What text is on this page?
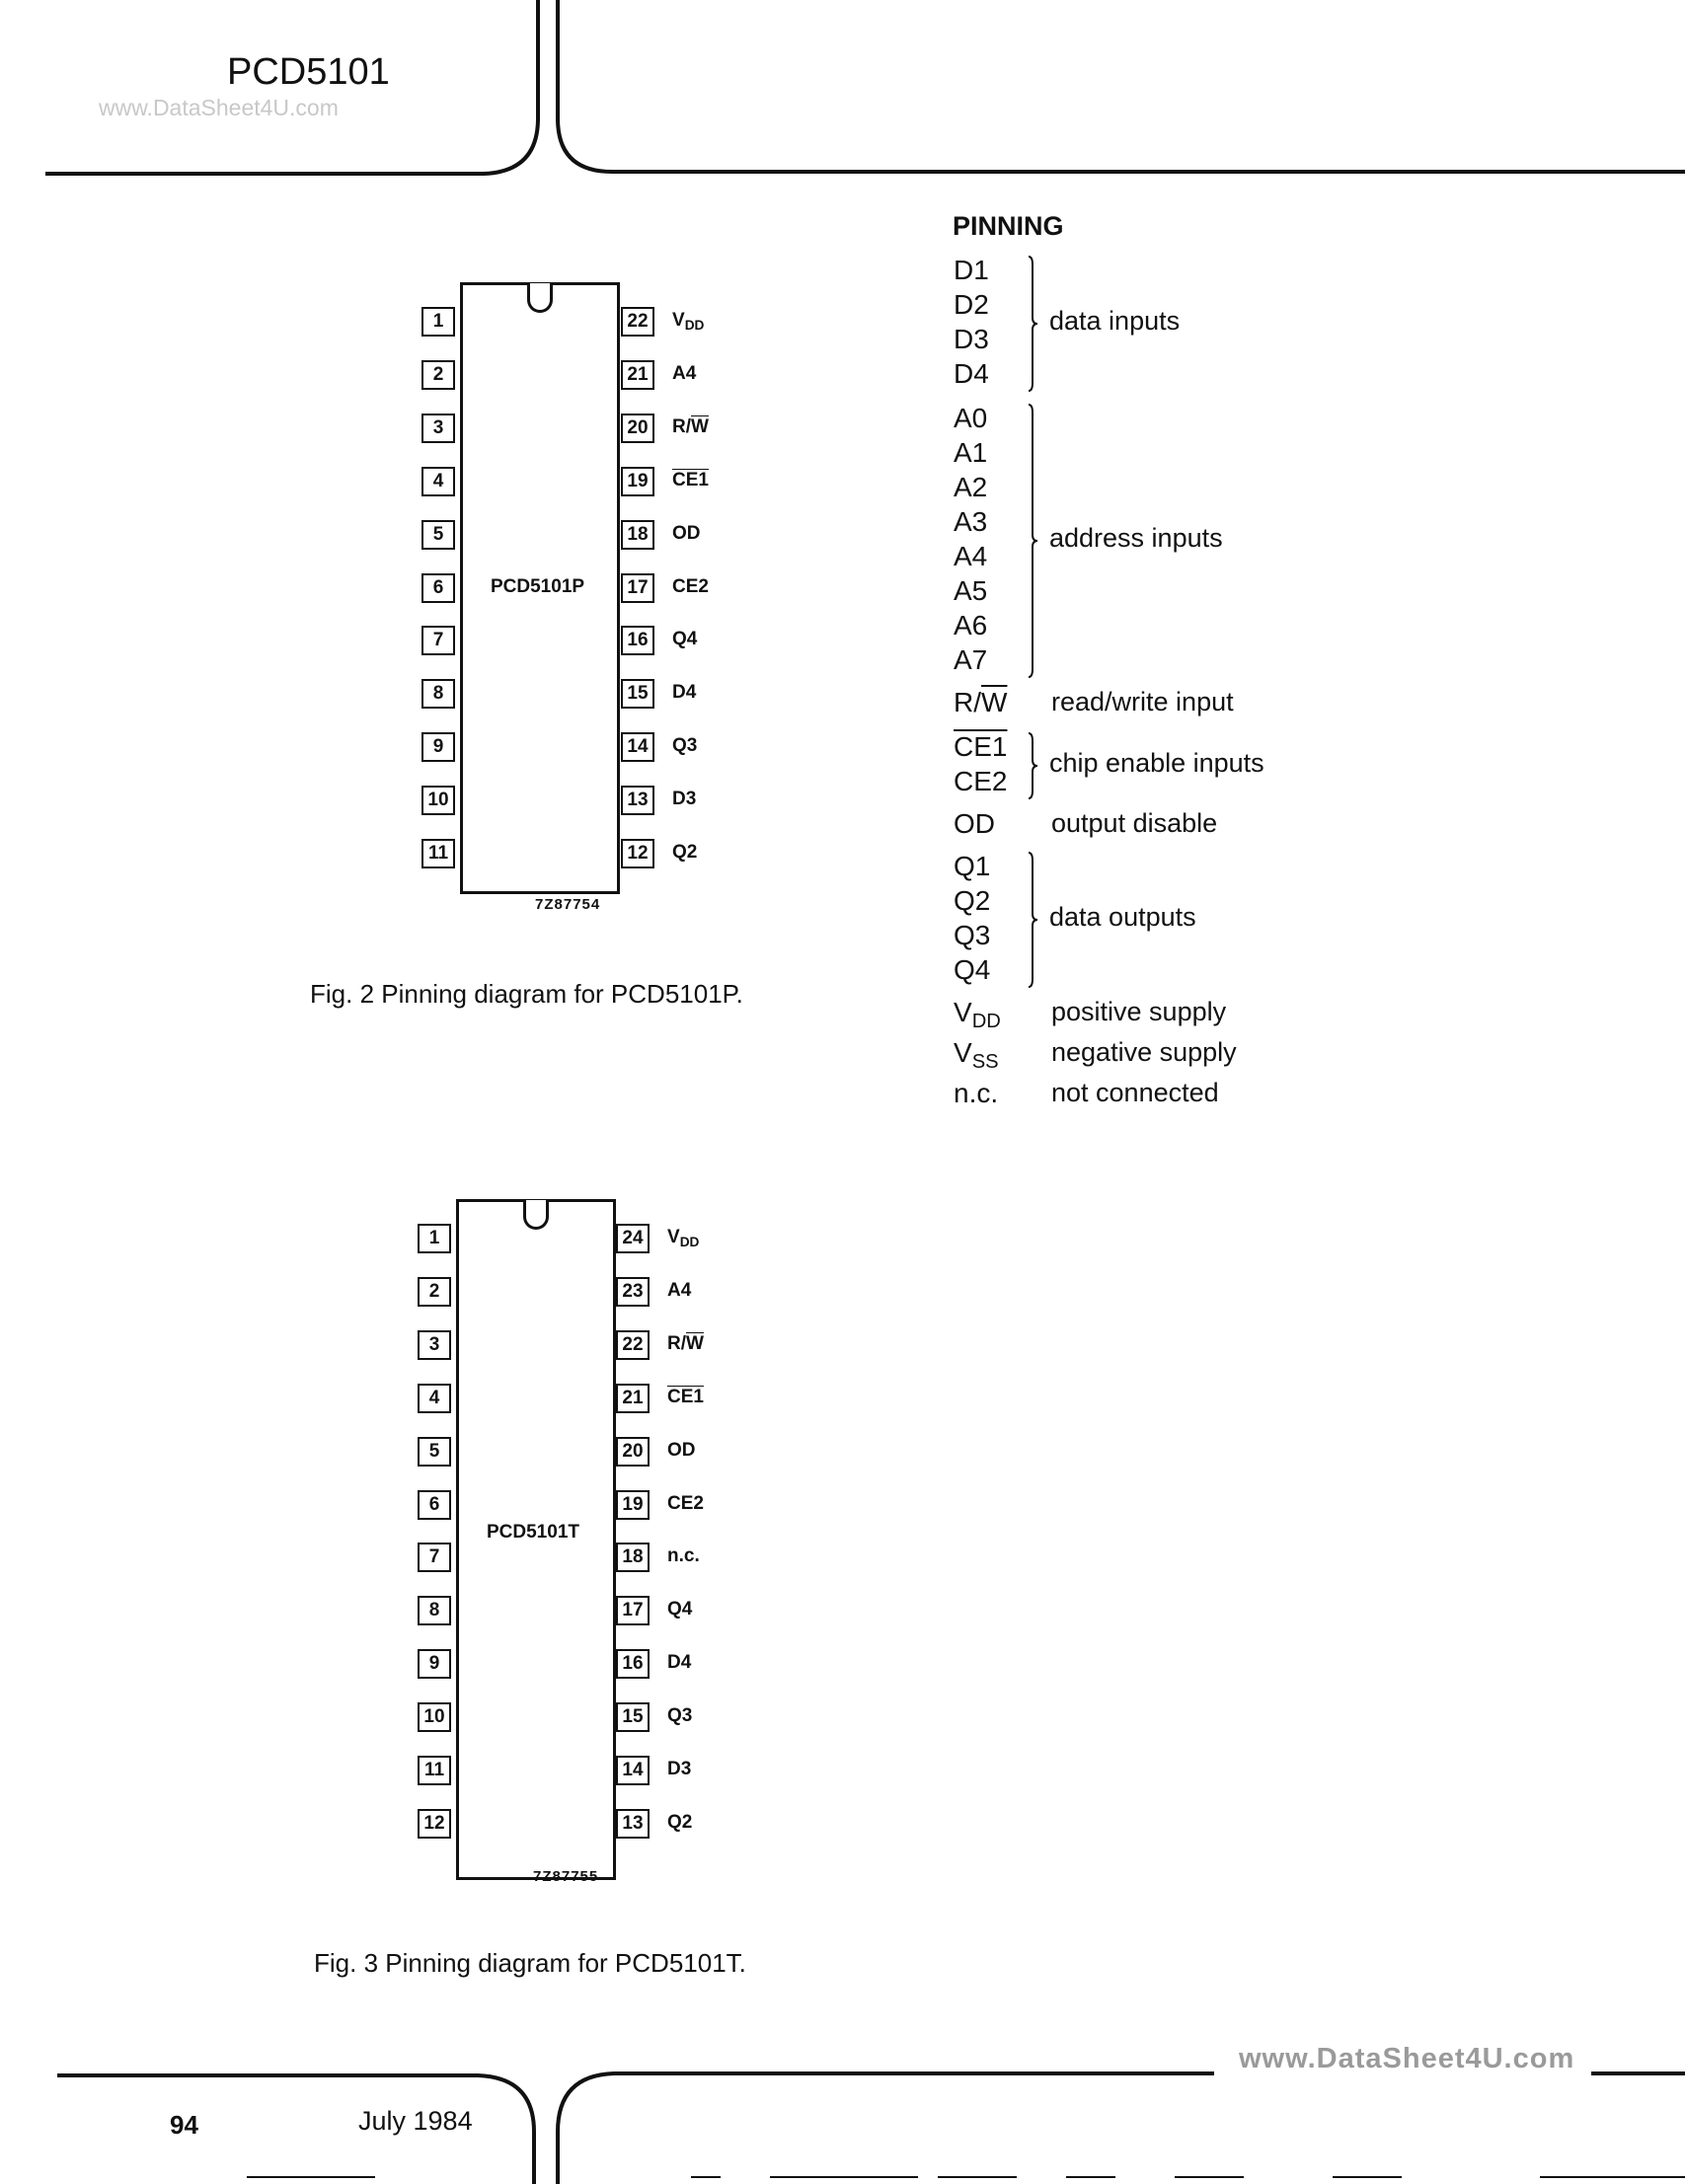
PCD5101
www.DataSheet4U.com
PCD5101P
1
2
3
4
5
6
7
8
9
10
11
22	$V_{DD}$
21	A4
20	$R/\overline{W}$
19	CE1
18	OD
17	CE2
16	Q4
15	D4
14	Q3
13	D3
12	Q2
7Z87754
Fig. 2 Pinning diagram for PCD5101P.
PCD5101T
1
2
3
4
5
6
7
8
9
10
11
12
24	$V_{DD}$
23	A4
22	$R/\overline{W}$
21	CE1
20	OD
19	CE2
18	n.c.
17	Q4
16	D4
15	Q3
14	D3
13	Q2
7Z87755
Fig. 3 Pinning diagram for PCD5101T.
PINNING
D1
D2
D3
D4
data inputs
A0
A1
A2
A3
A4
A5
A6
A7
address inputs
$R/\overline{W}$ read/write input
CE1
CE2
chip enable inputs
OD output disable
Q1
Q2
Q3
Q4
data outputs
$V_{DD}$ positive supply
$V_{SS}$ negative supply
n.c. not connected
94	July 1984
www.DataSheet4U.com
